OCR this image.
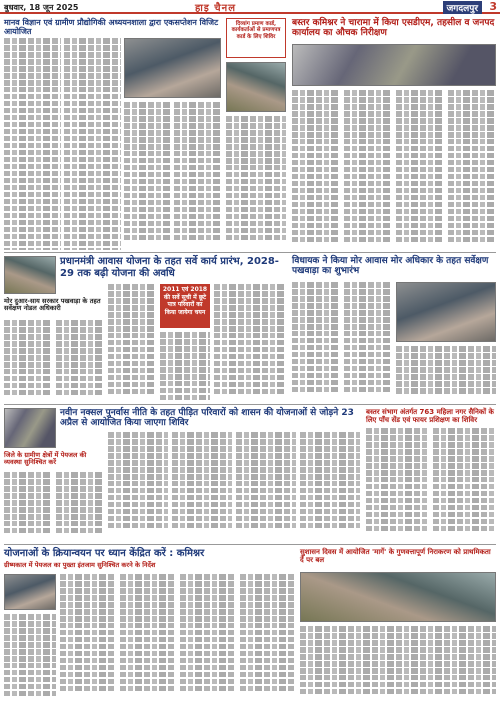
बुधवार, 18 जून 2025	हाइ चैनल	जगदलपुर	3
मानव विज्ञान एवं ग्रामीण प्रौद्योगिकी अध्ययनशाला द्वारा एकसप्तेशन विजिट आयोजित
दिव्यांग प्रमाण कार्ड, कार्यकर्ताओं से प्रमाणपत्र कार्ड के लिए शिविर
बस्तर कमिश्नर ने चारामा में किया एसडीएम, तहसील व जनपद कार्यालय का औचक निरीक्षण
प्रधानमंत्री आवास योजना के तहत सर्वे कार्य प्रारंभ, 2028-29 तक बढ़ी योजना की अवधि
मोर दुआर-साय सरकार पखवाड़ा के तहत सर्वेक्षण नोडल अधिकारी
2011 एवं 2018 की सर्वे सूची में छूटे पात्र परिवारों का किया जायेगा चयन
विधायक ने किया मोर आवास मोर अधिकार के तहत सर्वेक्षण पखवाड़ा का शुभारंभ
नवीन नक्सल पुनर्वास नीति के तहत पीड़ित परिवारों को शासन की योजनाओं से जोड़ने 23 अप्रैल से आयोजित किया जाएगा शिविर
जिले के ग्रामीण क्षेत्रों में पेयजल की व्यवस्था सुनिश्चित करें
बस्तर संभाग अंतर्गत 763 महिला नगर सैनिकों के लिए पाँच सेंड एवं फायर प्रशिक्षण का शिविर
योजनाओं के क्रियान्वयन पर ध्यान केंद्रित करें : कमिश्नर
ग्रीष्मकाल में पेयजल का पुख्ता इंतजाम सुनिश्चित करने के निर्देश
सुशासन दिवस में आयोजित 'मार्गे' के गुणवत्तापूर्ण निराकरण को प्राथमिकता दें पर बल
